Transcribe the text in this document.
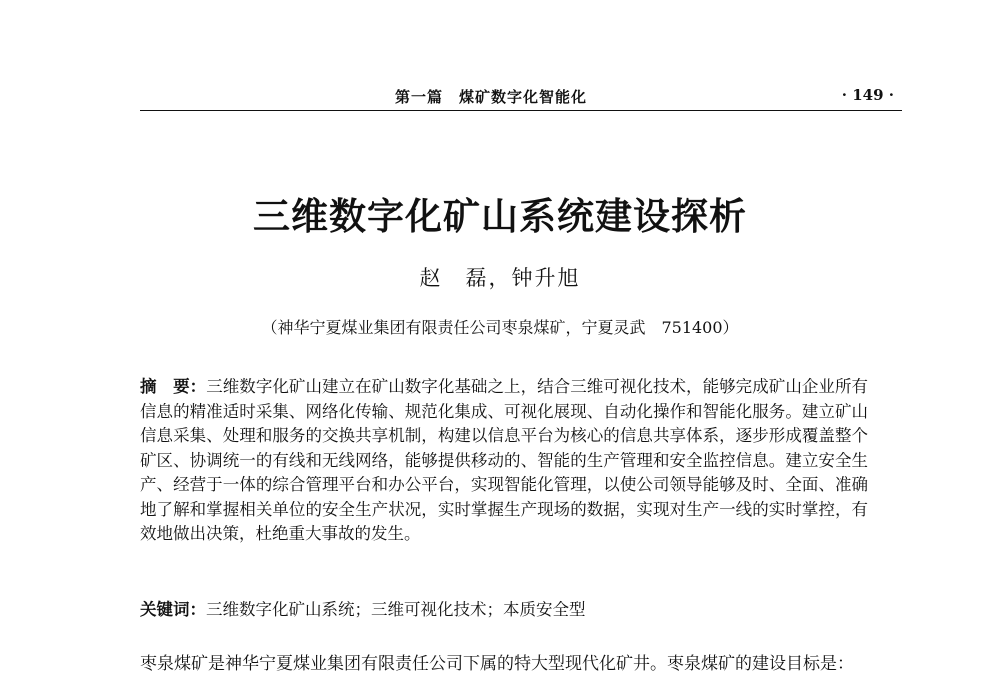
第一篇　煤矿数字化智能化	· 149 ·
三维数字化矿山系统建设探析
赵　磊，钟升旭
（神华宁夏煤业集团有限责任公司枣泉煤矿，宁夏灵武　751400）

摘　要：三维数字化矿山建立在矿山数字化基础之上，结合三维可视化技术，能够完成矿山企业所有信息的精准适时采集、网络化传输、规范化集成、可视化展现、自动化操作和智能化服务。建立矿山信息采集、处理和服务的交换共享机制，构建以信息平台为核心的信息共享体系，逐步形成覆盖整个矿区、协调统一的有线和无线网络，能够提供移动的、智能的生产管理和安全监控信息。建立安全生产、经营于一体的综合管理平台和办公平台，实现智能化管理，以使公司领导能够及时、全面、准确地了解和掌握相关单位的安全生产状况，实时掌握生产现场的数据，实现对生产一线的实时掌控，有效地做出决策，杜绝重大事故的发生。

关键词：三维数字化矿山系统；三维可视化技术；本质安全型
枣泉煤矿是神华宁夏煤业集团有限责任公司下属的特大型现代化矿井。枣泉煤矿的建设目标是：
